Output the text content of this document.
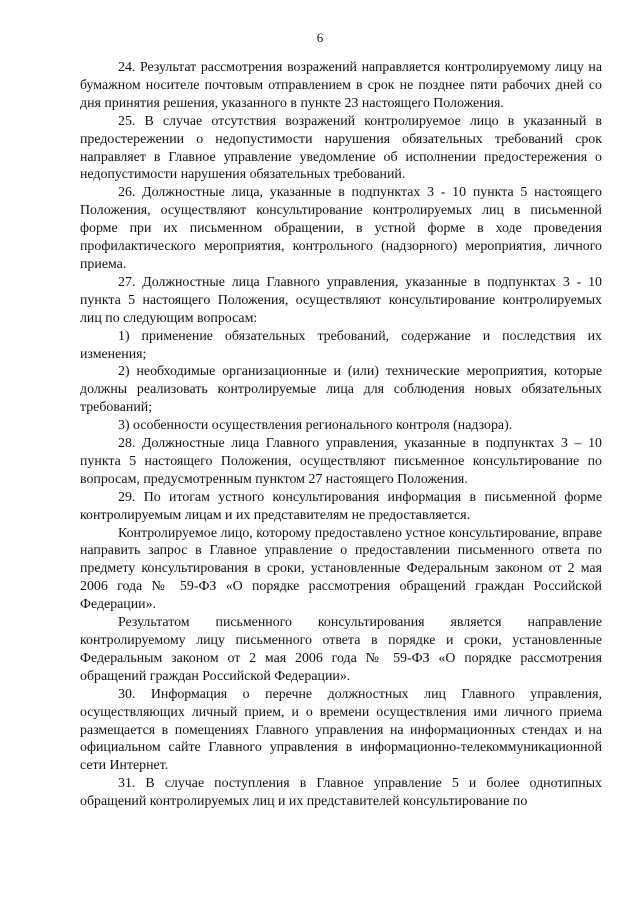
6

24. Результат рассмотрения возражений направляется контролируемому лицу на бумажном носителе почтовым отправлением в срок не позднее пяти рабочих дней со дня принятия решения, указанного в пункте 23 настоящего Положения.

25. В случае отсутствия возражений контролируемое лицо в указанный в предостережении о недопустимости нарушения обязательных требований срок направляет в Главное управление уведомление об исполнении предостережения о недопустимости нарушения обязательных требований.

26. Должностные лица, указанные в подпунктах 3 - 10 пункта 5 настоящего Положения, осуществляют консультирование контролируемых лиц в письменной форме при их письменном обращении, в устной форме в ходе проведения профилактического мероприятия, контрольного (надзорного) мероприятия, личного приема.

27. Должностные лица Главного управления, указанные в подпунктах 3 - 10 пункта 5 настоящего Положения, осуществляют консультирование контролируемых лиц по следующим вопросам:

1) применение обязательных требований, содержание и последствия их изменения;

2) необходимые организационные и (или) технические мероприятия, которые должны реализовать контролируемые лица для соблюдения новых обязательных требований;

3) особенности осуществления регионального контроля (надзора).

28. Должностные лица Главного управления, указанные в подпунктах 3 – 10 пункта 5 настоящего Положения, осуществляют письменное консультирование по вопросам, предусмотренным пунктом 27 настоящего Положения.

29. По итогам устного консультирования информация в письменной форме контролируемым лицам и их представителям не предоставляется.

Контролируемое лицо, которому предоставлено устное консультирование, вправе направить запрос в Главное управление о предоставлении письменного ответа по предмету консультирования в сроки, установленные Федеральным законом от 2 мая 2006 года № 59-ФЗ «О порядке рассмотрения обращений граждан Российской Федерации».

Результатом письменного консультирования является направление контролируемому лицу письменного ответа в порядке и сроки, установленные Федеральным законом от 2 мая 2006 года № 59-ФЗ «О порядке рассмотрения обращений граждан Российской Федерации».

30. Информация о перечне должностных лиц Главного управления, осуществляющих личный прием, и о времени осуществления ими личного приема размещается в помещениях Главного управления на информационных стендах и на официальном сайте Главного управления в информационно-телекоммуникационной сети Интернет.

31. В случае поступления в Главное управление 5 и более однотипных обращений контролируемых лиц и их представителей консультирование по
